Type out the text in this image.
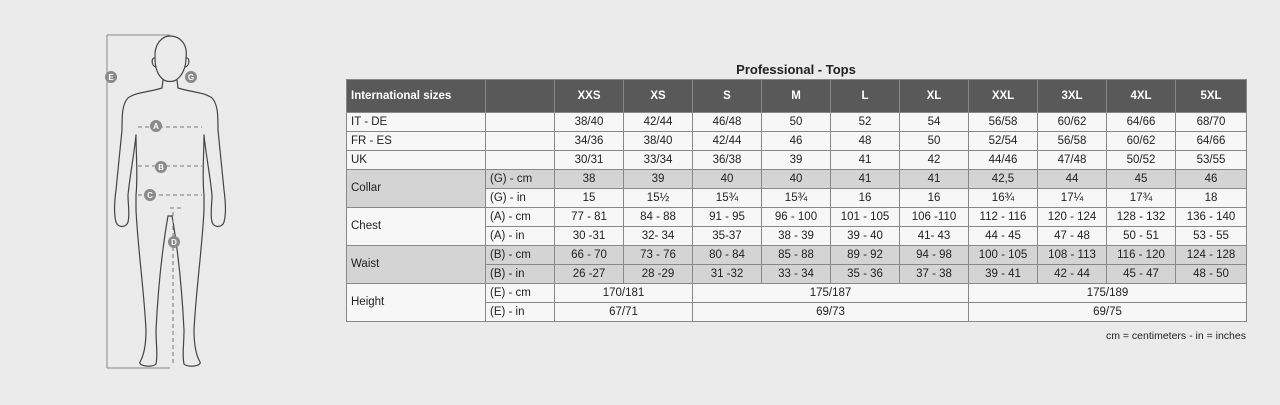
E	G
A
B
C
D
Professional - Tops
International sizes		XXS	XS	S	M	L	XL	XXL	3XL	4XL	5XL
IT - DE		38/40	42/44	46/48	50	52	54	56/58	60/62	64/66	68/70
FR - ES		34/36	38/40	42/44	46	48	50	52/54	56/58	60/62	64/66
UK		30/31	33/34	36/38	39	41	42	44/46	47/48	50/52	53/55
Collar	(G) - cm	38	39	40	40	41	41	42,5	44	45	46
	(G) - in	15	15½	15¾	15¾	16	16	16¾	17¼	17¾	18
Chest	(A) - cm	77 - 81	84 - 88	91 - 95	96 - 100	101 - 105	106 -110	112 - 116	120 - 124	128 - 132	136 - 140
	(A) - in	30 -31	32- 34	35-37	38 - 39	39 - 40	41- 43	44 - 45	47 - 48	50 - 51	53 - 55
Waist	(B) - cm	66 - 70	73 - 76	80 - 84	85 - 88	89 - 92	94 - 98	100 - 105	108 - 113	116 - 120	124 - 128
	(B) - in	26 -27	28 -29	31 -32	33 - 34	35 - 36	37 - 38	39 - 41	42 - 44	45 - 47	48 - 50
Height	(E) - cm	170/181		175/187				175/189			
	(E) - in	67/71		69/73				69/75			
cm = centimeters - in = inches
